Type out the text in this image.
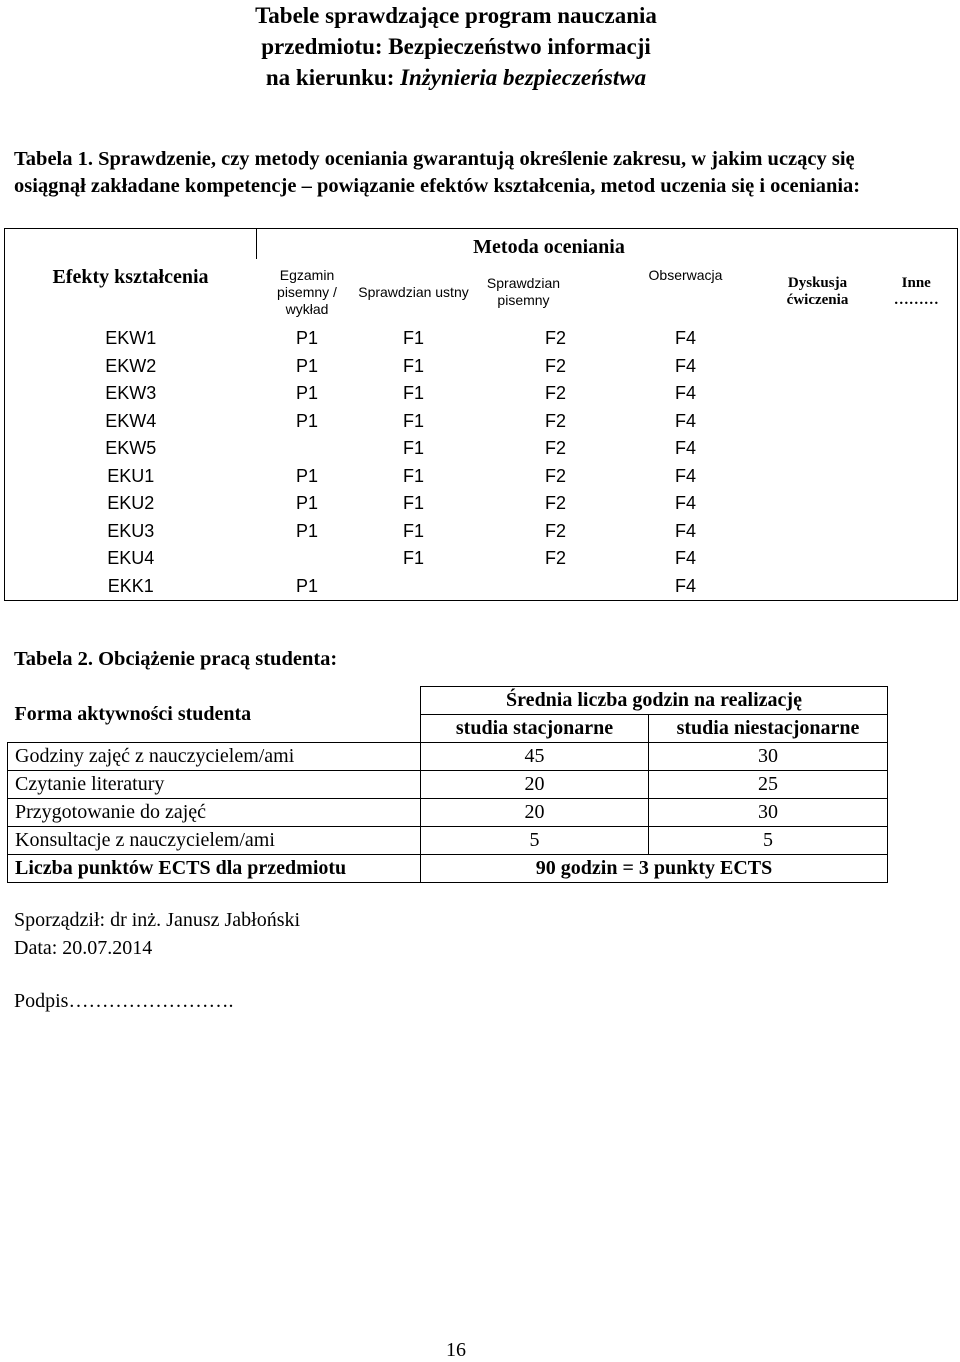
Tabele sprawdzające program nauczania
przedmiotu: Bezpieczeństwo informacji
na kierunku: Inżynieria bezpieczeństwa
Tabela 1. Sprawdzenie, czy metody oceniania gwarantują określenie zakresu, w jakim uczący się osiągnął zakładane kompetencje – powiązanie efektów kształcenia, metod uczenia się i oceniania:
Efekty kształcenia	Metoda oceniania					
	Egzamin pisemny / wykład	Sprawdzian ustny	Sprawdzian pisemny	Obserwacja	Dyskusja ćwiczenia	Inne ………
EKW1	P1	F1	F2	F4		
EKW2	P1	F1	F2	F4		
EKW3	P1	F1	F2	F4		
EKW4	P1	F1	F2	F4		
EKW5		F1	F2	F4		
EKU1	P1	F1	F2	F4		
EKU2	P1	F1	F2	F4		
EKU3	P1	F1	F2	F4		
EKU4		F1	F2	F4		
EKK1	P1			F4		
Tabela 2. Obciążenie pracą studenta:
Forma aktywności studenta	Średnia liczba godzin na realizację	
	studia stacjonarne	studia niestacjonarne
Godziny zajęć z nauczycielem/ami	45	30
Czytanie literatury	20	25
Przygotowanie do zajęć	20	30
Konsultacje z nauczycielem/ami	5	5
Liczba punktów ECTS dla przedmiotu	90 godzin = 3 punkty ECTS	
Sporządził: dr inż. Janusz Jabłoński
Data: 20.07.2014
Podpis…………………….
16
